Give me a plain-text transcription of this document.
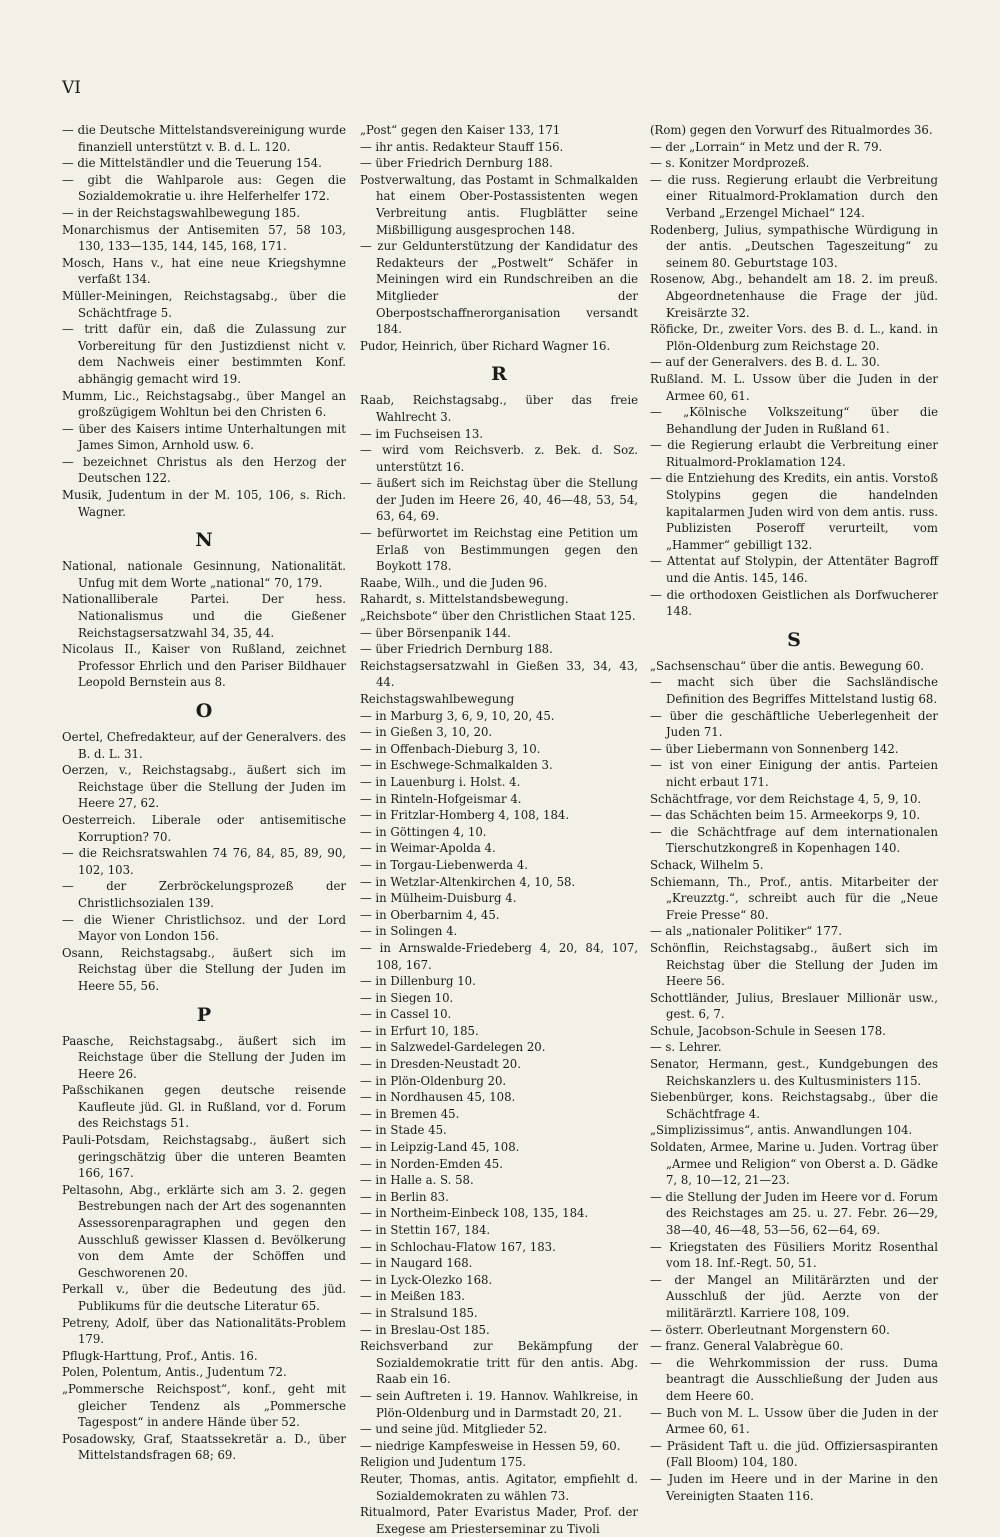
VI
— die Deutsche Mittelstandsvereinigung wurde finanziell unterstützt v. B. d. L. 120.
— die Mittelständler und die Teuerung 154.
— gibt die Wahlparole aus: Gegen die Sozialdemokratie u. ihre Helferhelfer 172.
— in der Reichstagswahlbewegung 185.
Monarchismus der Antisemiten 57, 58 103, 130, 133—135, 144, 145, 168, 171.
Mosch, Hans v., hat eine neue Kriegshymne verfaßt 134.
Müller-Meiningen, Reichstagsabg., über die Schächtfrage 5.
— tritt dafür ein, daß die Zulassung zur Vorbereitung für den Justizdienst nicht v. dem Nachweis einer bestimmten Konf. abhängig gemacht wird 19.
Mumm, Lic., Reichstagsabg., über Mangel an großzügigem Wohltun bei den Christen 6.
— über des Kaisers intime Unterhaltungen mit James Simon, Arnhold usw. 6.
— bezeichnet Christus als den Herzog der Deutschen 122.
Musik, Judentum in der M. 105, 106, s. Rich. Wagner.
N
National, nationale Gesinnung, Nationalität. Unfug mit dem Worte „national“ 70, 179.
Nationalliberale Partei. Der hess. Nationalismus und die Gießener Reichstagsersatzwahl 34, 35, 44.
Nicolaus II., Kaiser von Rußland, zeichnet Professor Ehrlich und den Pariser Bildhauer Leopold Bernstein aus 8.
O
Oertel, Chefredakteur, auf der Generalvers. des B. d. L. 31.
Oerzen, v., Reichstagsabg., äußert sich im Reichstage über die Stellung der Juden im Heere 27, 62.
Oesterreich. Liberale oder antisemitische Korruption? 70.
— die Reichsratswahlen 74 76, 84, 85, 89, 90, 102, 103.
— der Zerbröckelungsprozeß der Christlichsozialen 139.
— die Wiener Christlichsoz. und der Lord Mayor von London 156.
Osann, Reichstagsabg., äußert sich im Reichstag über die Stellung der Juden im Heere 55, 56.
P
Paasche, Reichstagsabg., äußert sich im Reichstage über die Stellung der Juden im Heere 26.
Paßschikanen gegen deutsche reisende Kaufleute jüd. Gl. in Rußland, vor d. Forum des Reichstags 51.
Pauli-Potsdam, Reichstagsabg., äußert sich geringschätzig über die unteren Beamten 166, 167.
Peltasohn, Abg., erklärte sich am 3. 2. gegen Bestrebungen nach der Art des sogenannten Assessorenparagraphen und gegen den Ausschluß gewisser Klassen d. Bevölkerung von dem Amte der Schöffen und Geschworenen 20.
Perkall v., über die Bedeutung des jüd. Publikums für die deutsche Literatur 65.
Petreny, Adolf, über das Nationalitäts-Problem 179.
Pflugk-Harttung, Prof., Antis. 16.
Polen, Polentum, Antis., Judentum 72.
„Pommersche Reichspost“, konf., geht mit gleicher Tendenz als „Pommersche Tagespost“ in andere Hände über 52.
Posadowsky, Graf, Staatssekretär a. D., über Mittelstandsfragen 68; 69.
„Post“ gegen den Kaiser 133, 171
— ihr antis. Redakteur Stauff 156.
— über Friedrich Dernburg 188.
Postverwaltung, das Postamt in Schmalkalden hat einem Ober-Postassistenten wegen Verbreitung antis. Flugblätter seine Mißbilligung ausgesprochen 148.
— zur Geldunterstützung der Kandidatur des Redakteurs der „Postwelt“ Schäfer in Meiningen wird ein Rundschreiben an die Mitglieder der Oberpostschaffnerorganisation versandt 184.
Pudor, Heinrich, über Richard Wagner 16.
R
Raab, Reichstagsabg., über das freie Wahlrecht 3.
— im Fuchseisen 13.
— wird vom Reichsverb. z. Bek. d. Soz. unterstützt 16.
— äußert sich im Reichstag über die Stellung der Juden im Heere 26, 40, 46—48, 53, 54, 63, 64, 69.
— befürwortet im Reichstag eine Petition um Erlaß von Bestimmungen gegen den Boykott 178.
Raabe, Wilh., und die Juden 96.
Rahardt, s. Mittelstandsbewegung.
„Reichsbote“ über den Christlichen Staat 125.
— über Börsenpanik 144.
— über Friedrich Dernburg 188.
Reichstagsersatzwahl in Gießen 33, 34, 43, 44.
Reichstagswahlbewegung
— in Marburg 3, 6, 9, 10, 20, 45.
— in Gießen 3, 10, 20.
— in Offenbach-Dieburg 3, 10.
— in Eschwege-Schmalkalden 3.
— in Lauenburg i. Holst. 4.
— in Rinteln-Hofgeismar 4.
— in Fritzlar-Homberg 4, 108, 184.
— in Göttingen 4, 10.
— in Weimar-Apolda 4.
— in Torgau-Liebenwerda 4.
— in Wetzlar-Altenkirchen 4, 10, 58.
— in Mülheim-Duisburg 4.
— in Oberbarnim 4, 45.
— in Solingen 4.
— in Arnswalde-Friedeberg 4, 20, 84, 107, 108, 167.
— in Dillenburg 10.
— in Siegen 10.
— in Cassel 10.
— in Erfurt 10, 185.
— in Salzwedel-Gardelegen 20.
— in Dresden-Neustadt 20.
— in Plön-Oldenburg 20.
— in Nordhausen 45, 108.
— in Bremen 45.
— in Stade 45.
— in Leipzig-Land 45, 108.
— in Norden-Emden 45.
— in Halle a. S. 58.
— in Berlin 83.
— in Northeim-Einbeck 108, 135, 184.
— in Stettin 167, 184.
— in Schlochau-Flatow 167, 183.
— in Naugard 168.
— in Lyck-Olezko 168.
— in Meißen 183.
— in Stralsund 185.
— in Breslau-Ost 185.
Reichsverband zur Bekämpfung der Sozialdemokratie tritt für den antis. Abg. Raab ein 16.
— sein Auftreten i. 19. Hannov. Wahlkreise, in Plön-Oldenburg und in Darmstadt 20, 21.
— und seine jüd. Mitglieder 52.
— niedrige Kampfesweise in Hessen 59, 60.
Religion und Judentum 175.
Reuter, Thomas, antis. Agitator, empfiehlt d. Sozialdemokraten zu wählen 73.
Ritualmord, Pater Evaristus Mader, Prof. der Exegese am Priesterseminar zu Tivoli
(Rom) gegen den Vorwurf des Ritualmordes 36.
— der „Lorrain“ in Metz und der R. 79.
— s. Konitzer Mordprozeß.
— die russ. Regierung erlaubt die Verbreitung einer Ritualmord-Proklamation durch den Verband „Erzengel Michael“ 124.
Rodenberg, Julius, sympathische Würdigung in der antis. „Deutschen Tageszeitung“ zu seinem 80. Geburtstage 103.
Rosenow, Abg., behandelt am 18. 2. im preuß. Abgeordnetenhause die Frage der jüd. Kreisärzte 32.
Röficke, Dr., zweiter Vors. des B. d. L., kand. in Plön-Oldenburg zum Reichstage 20.
— auf der Generalvers. des B. d. L. 30.
Rußland. M. L. Ussow über die Juden in der Armee 60, 61.
— „Kölnische Volkszeitung“ über die Behandlung der Juden in Rußland 61.
— die Regierung erlaubt die Verbreitung einer Ritualmord-Proklamation 124.
— die Entziehung des Kredits, ein antis. Vorstoß Stolypins gegen die handelnden kapitalarmen Juden wird von dem antis. russ. Publizisten Poseroff verurteilt, vom „Hammer“ gebilligt 132.
— Attentat auf Stolypin, der Attentäter Bagroff und die Antis. 145, 146.
— die orthodoxen Geistlichen als Dorfwucherer 148.
S
„Sachsenschau“ über die antis. Bewegung 60.
— macht sich über die Sachsländische Definition des Begriffes Mittelstand lustig 68.
— über die geschäftliche Ueberlegenheit der Juden 71.
— über Liebermann von Sonnenberg 142.
— ist von einer Einigung der antis. Parteien nicht erbaut 171.
Schächtfrage, vor dem Reichstage 4, 5, 9, 10.
— das Schächten beim 15. Armeekorps 9, 10.
— die Schächtfrage auf dem internationalen Tierschutzkongreß in Kopenhagen 140.
Schack, Wilhelm 5.
Schiemann, Th., Prof., antis. Mitarbeiter der „Kreuzztg.“, schreibt auch für die „Neue Freie Presse“ 80.
— als „nationaler Politiker“ 177.
Schönflin, Reichstagsabg., äußert sich im Reichstag über die Stellung der Juden im Heere 56.
Schottländer, Julius, Breslauer Millionär usw., gest. 6, 7.
Schule, Jacobson-Schule in Seesen 178.
— s. Lehrer.
Senator, Hermann, gest., Kundgebungen des Reichskanzlers u. des Kultusministers 115.
Siebenbürger, kons. Reichstagsabg., über die Schächtfrage 4.
„Simplizissimus“, antis. Anwandlungen 104.
Soldaten, Armee, Marine u. Juden. Vortrag über „Armee und Religion“ von Oberst a. D. Gädke 7, 8, 10—12, 21—23.
— die Stellung der Juden im Heere vor d. Forum des Reichstages am 25. u. 27. Febr. 26—29, 38—40, 46—48, 53—56, 62—64, 69.
— Kriegstaten des Füsiliers Moritz Rosenthal vom 18. Inf.-Regt. 50, 51.
— der Mangel an Militärärzten und der Ausschluß der jüd. Aerzte von der militärärztl. Karriere 108, 109.
— österr. Oberleutnant Morgenstern 60.
— franz. General Valabrègue 60.
— die Wehrkommission der russ. Duma beantragt die Ausschließung der Juden aus dem Heere 60.
— Buch von M. L. Ussow über die Juden in der Armee 60, 61.
— Präsident Taft u. die jüd. Offiziersaspiranten (Fall Bloom) 104, 180.
— Juden im Heere und in der Marine in den Vereinigten Staaten 116.
